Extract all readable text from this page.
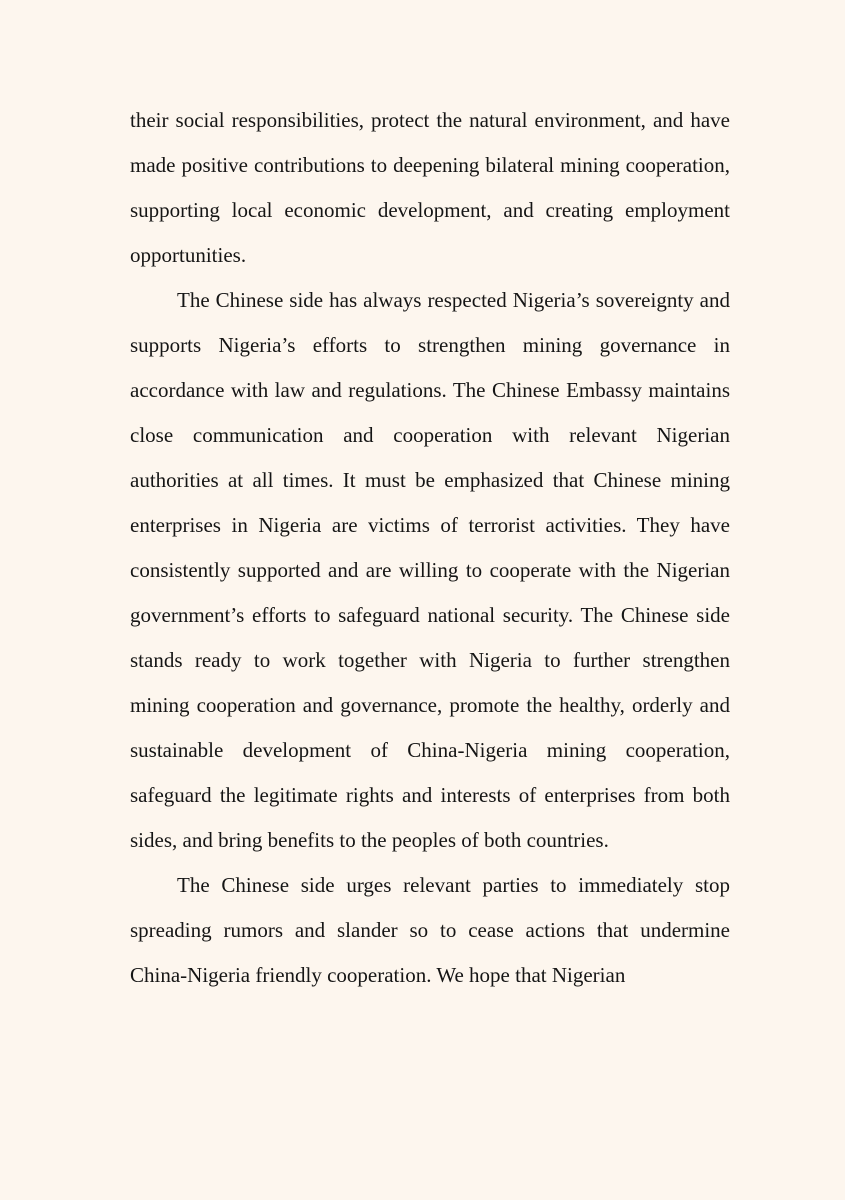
their social responsibilities, protect the natural environment, and have made positive contributions to deepening bilateral mining cooperation, supporting local economic development, and creating employment opportunities.

The Chinese side has always respected Nigeria’s sovereignty and supports Nigeria’s efforts to strengthen mining governance in accordance with law and regulations. The Chinese Embassy maintains close communication and cooperation with relevant Nigerian authorities at all times. It must be emphasized that Chinese mining enterprises in Nigeria are victims of terrorist activities. They have consistently supported and are willing to cooperate with the Nigerian government’s efforts to safeguard national security. The Chinese side stands ready to work together with Nigeria to further strengthen mining cooperation and governance, promote the healthy, orderly and sustainable development of China-Nigeria mining cooperation, safeguard the legitimate rights and interests of enterprises from both sides, and bring benefits to the peoples of both countries.

The Chinese side urges relevant parties to immediately stop spreading rumors and slander so to cease actions that undermine China-Nigeria friendly cooperation. We hope that Nigerian
